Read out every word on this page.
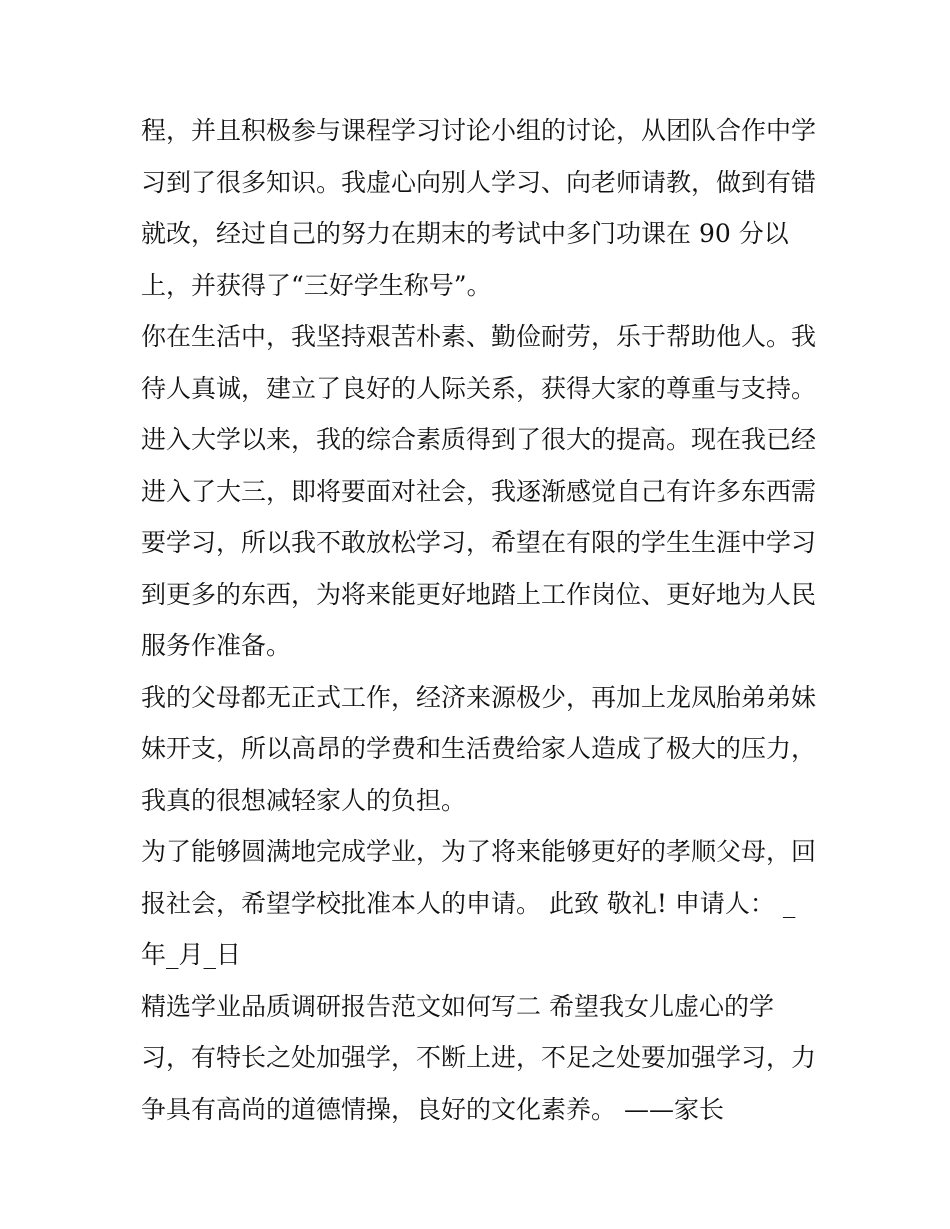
程，并且积极参与课程学习讨论小组的讨论，从团队合作中学
习到了很多知识。我虚心向别人学习、向老师请教，做到有错
就改，经过自己的努力在期末的考试中多门功课在 90 分以
上，并获得了“三好学生称号”。
你在生活中，我坚持艰苦朴素、勤俭耐劳，乐于帮助他人。我
待人真诚，建立了良好的人际关系，获得大家的尊重与支持。
进入大学以来，我的综合素质得到了很大的提高。现在我已经
进入了大三，即将要面对社会，我逐渐感觉自己有许多东西需
要学习，所以我不敢放松学习，希望在有限的学生生涯中学习
到更多的东西，为将来能更好地踏上工作岗位、更好地为人民
服务作准备。
我的父母都无正式工作，经济来源极少，再加上龙凤胎弟弟妹
妹开支，所以高昂的学费和生活费给家人造成了极大的压力，
我真的很想减轻家人的负担。
为了能够圆满地完成学业，为了将来能够更好的孝顺父母，回
报社会，希望学校批准本人的申请。 此致 敬礼! 申请人： _
年_月_日
精选学业品质调研报告范文如何写二 希望我女儿虚心的学
习，有特长之处加强学，不断上进，不足之处要加强学习，力
争具有高尚的道德情操，良好的文化素养。 ——家长
